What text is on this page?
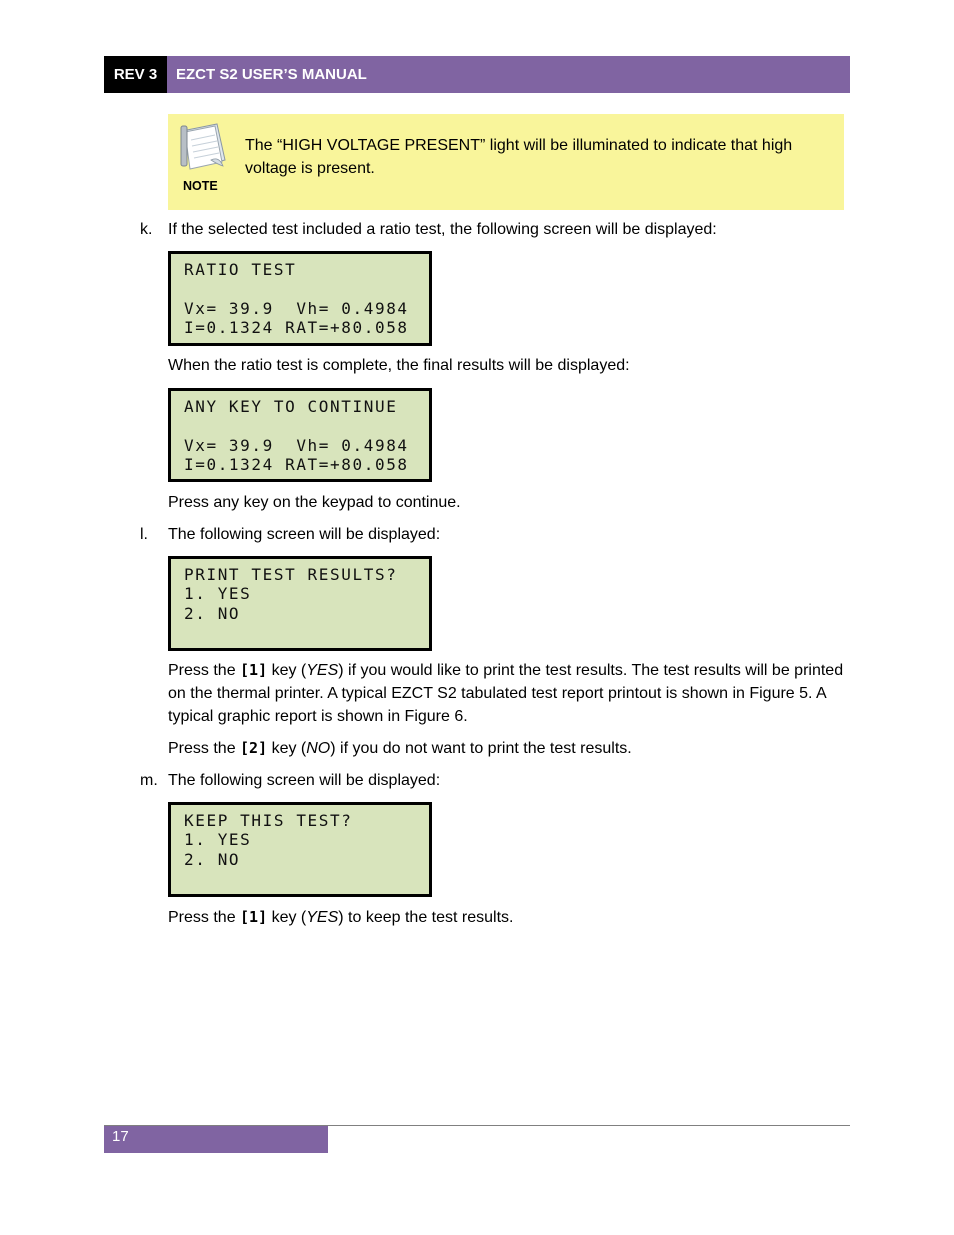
REV 3	EZCT S2 USER’S MANUAL
NOTE
The “HIGH VOLTAGE PRESENT” light will be illuminated to indicate that high voltage is present.
k. If the selected test included a ratio test, the following screen will be displayed:
RATIO TEST
Vx= 39.9  Vh= 0.4984
I=0.1324 RAT=+80.058
When the ratio test is complete, the final results will be displayed:
ANY KEY TO CONTINUE
Vx= 39.9  Vh= 0.4984
I=0.1324 RAT=+80.058
Press any key on the keypad to continue.
l. The following screen will be displayed:
PRINT TEST RESULTS?
1. YES
2. NO
Press the [1] key (YES) if you would like to print the test results. The test results will be printed on the thermal printer. A typical EZCT S2 tabulated test report printout is shown in Figure 5. A typical graphic report is shown in Figure 6.
Press the [2] key (NO) if you do not want to print the test results.
m. The following screen will be displayed:
KEEP THIS TEST?
1. YES
2. NO
Press the [1] key (YES) to keep the test results.
17
